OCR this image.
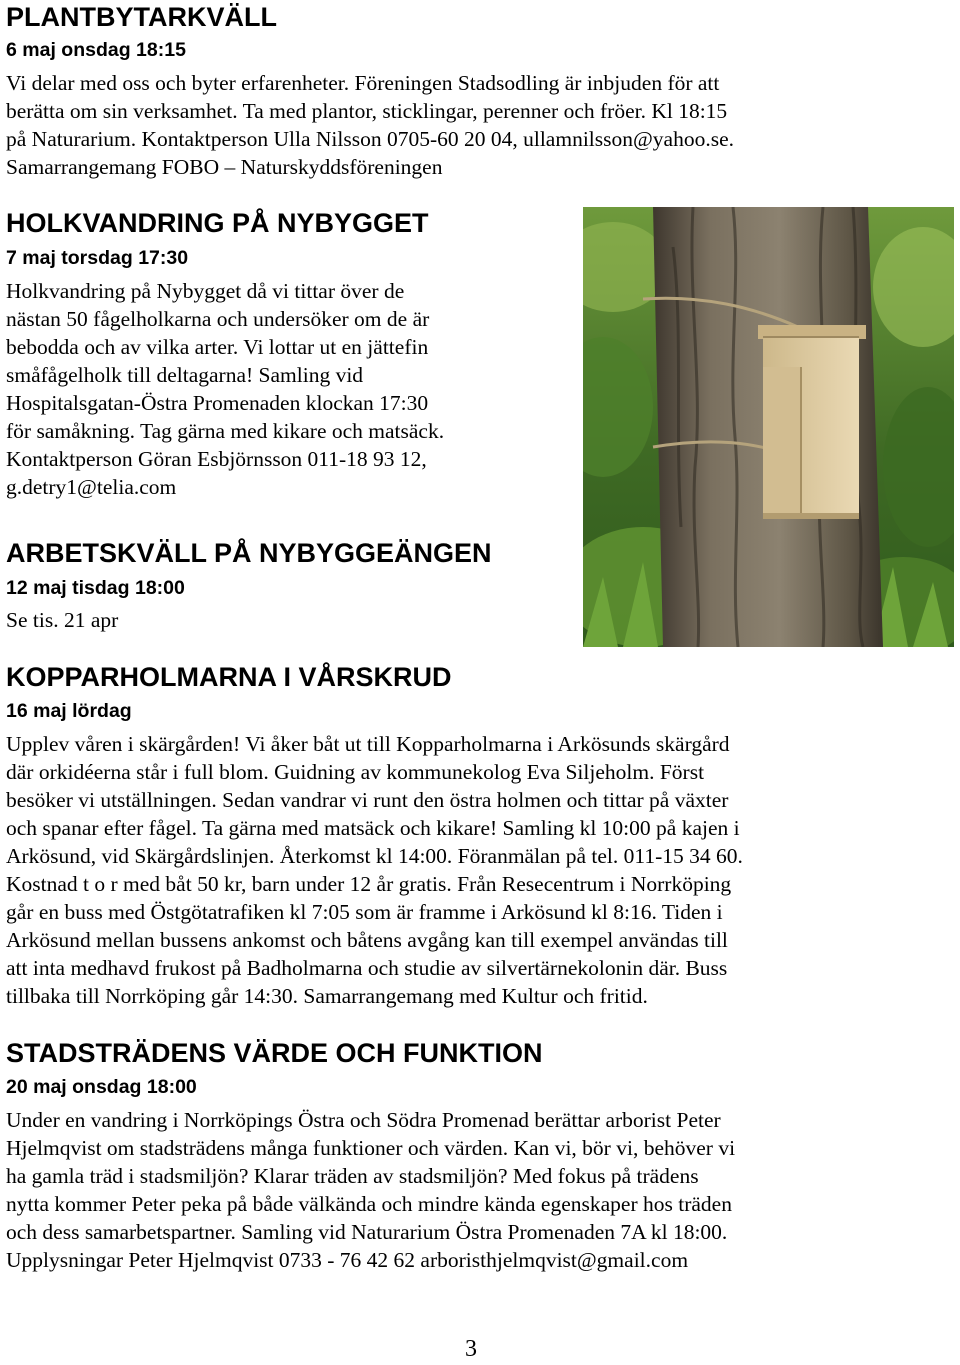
PLANTBYTARKVÄLL
6 maj onsdag 18:15

Vi delar med oss och byter erfarenheter. Föreningen Stadsodling är inbjuden för att

berätta om sin verksamhet. Ta med plantor, sticklingar, perenner och fröer. Kl 18:15

på Naturarium. Kontaktperson Ulla Nilsson 0705-60 20 04, ullamnilsson@yahoo.se.

Samarrangemang FOBO – Naturskyddsföreningen

HOLKVANDRING PÅ NYBYGGET
7 maj torsdag 17:30

Holkvandring på Nybygget då vi tittar över de

nästan 50 fågelholkarna och undersöker om de är

bebodda och av vilka arter. Vi lottar ut en jättefin

småfågelholk till deltagarna! Samling vid

Hospitalsgatan-Östra Promenaden klockan 17:30

för samåkning. Tag gärna med kikare och matsäck.

Kontaktperson Göran Esbjörnsson 011-18 93 12,

g.detry1@telia.com

ARBETSKVÄLL PÅ NYBYGGEÄNGEN
12 maj tisdag 18:00

Se tis. 21 apr

KOPPARHOLMARNA I VÅRSKRUD
16 maj lördag

Upplev våren i skärgården! Vi åker båt ut till Kopparholmarna i Arkösunds skärgård

där orkidéerna står i full blom. Guidning av kommunekolog Eva Siljeholm. Först

besöker vi utställningen. Sedan vandrar vi runt den östra holmen och tittar på växter

och spanar efter fågel. Ta gärna med matsäck och kikare! Samling kl 10:00 på kajen i

Arkösund, vid Skärgårdslinjen. Återkomst kl 14:00. Föranmälan på tel. 011-15 34 60.

Kostnad t o r med båt 50 kr, barn under 12 år gratis. Från Resecentrum i Norrköping

går en buss med Östgötatrafiken kl 7:05 som är framme i Arkösund kl 8:16. Tiden i

Arkösund mellan bussens ankomst och båtens avgång kan till exempel användas till

att inta medhavd frukost på Badholmarna och studie av silvertärnekolonin där. Buss

tillbaka till Norrköping går 14:30. Samarrangemang med Kultur och fritid.

STADSTRÄDENS VÄRDE OCH FUNKTION
20 maj onsdag 18:00

Under en vandring i Norrköpings Östra och Södra Promenad berättar arborist Peter

Hjelmqvist om stadsträdens många funktioner och värden. Kan vi, bör vi, behöver vi

ha gamla träd i stadsmiljön? Klarar träden av stadsmiljön? Med fokus på trädens

nytta kommer Peter peka på både välkända och mindre kända egenskaper hos träden

och dess samarbetspartner. Samling vid Naturarium Östra Promenaden 7A kl 18:00.

Upplysningar Peter Hjelmqvist 0733 - 76 42 62 arboristhjelmqvist@gmail.com

3
